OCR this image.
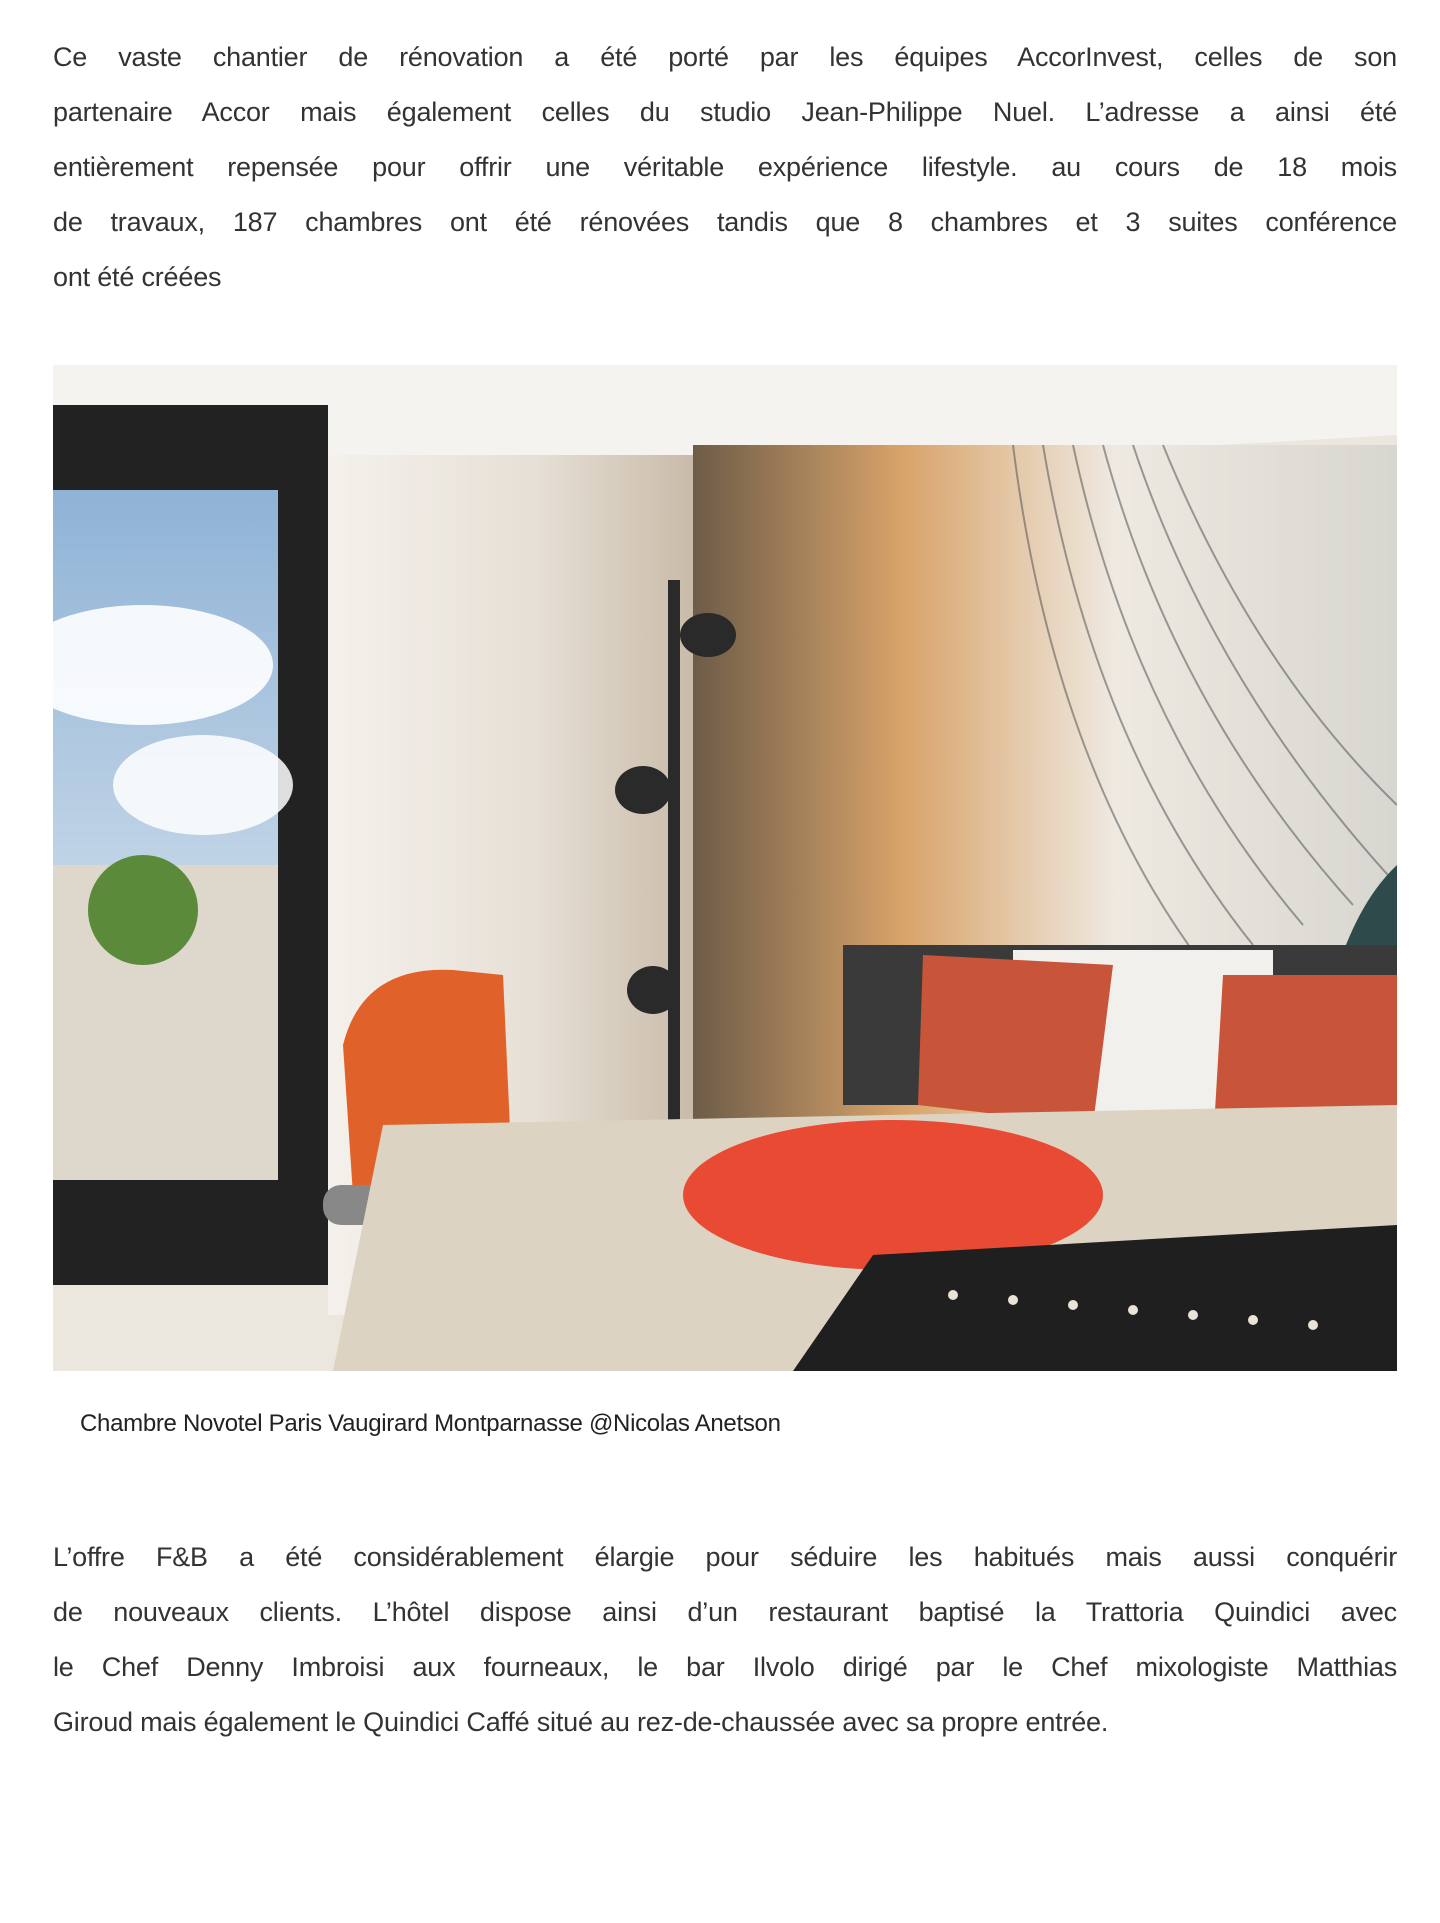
Ce vaste chantier de rénovation a été porté par les équipes AccorInvest, celles de son
partenaire Accor mais également celles du studio Jean-Philippe Nuel. L’adresse a ainsi été
entièrement repensée pour offrir une véritable expérience lifestyle. au cours de 18 mois
de travaux, 187 chambres ont été rénovées tandis que 8 chambres et 3 suites conférence
ont été créées
Chambre Novotel Paris Vaugirard Montparnasse @Nicolas Anetson
L’offre F&B a été considérablement élargie pour séduire les habitués mais aussi conquérir
de nouveaux clients. L’hôtel dispose ainsi d’un restaurant baptisé la Trattoria Quindici avec
le Chef Denny Imbroisi aux fourneaux, le bar Ilvolo dirigé par le Chef mixologiste Matthias
Giroud mais également le Quindici Caffé situé au rez-de-chaussée avec sa propre entrée.
